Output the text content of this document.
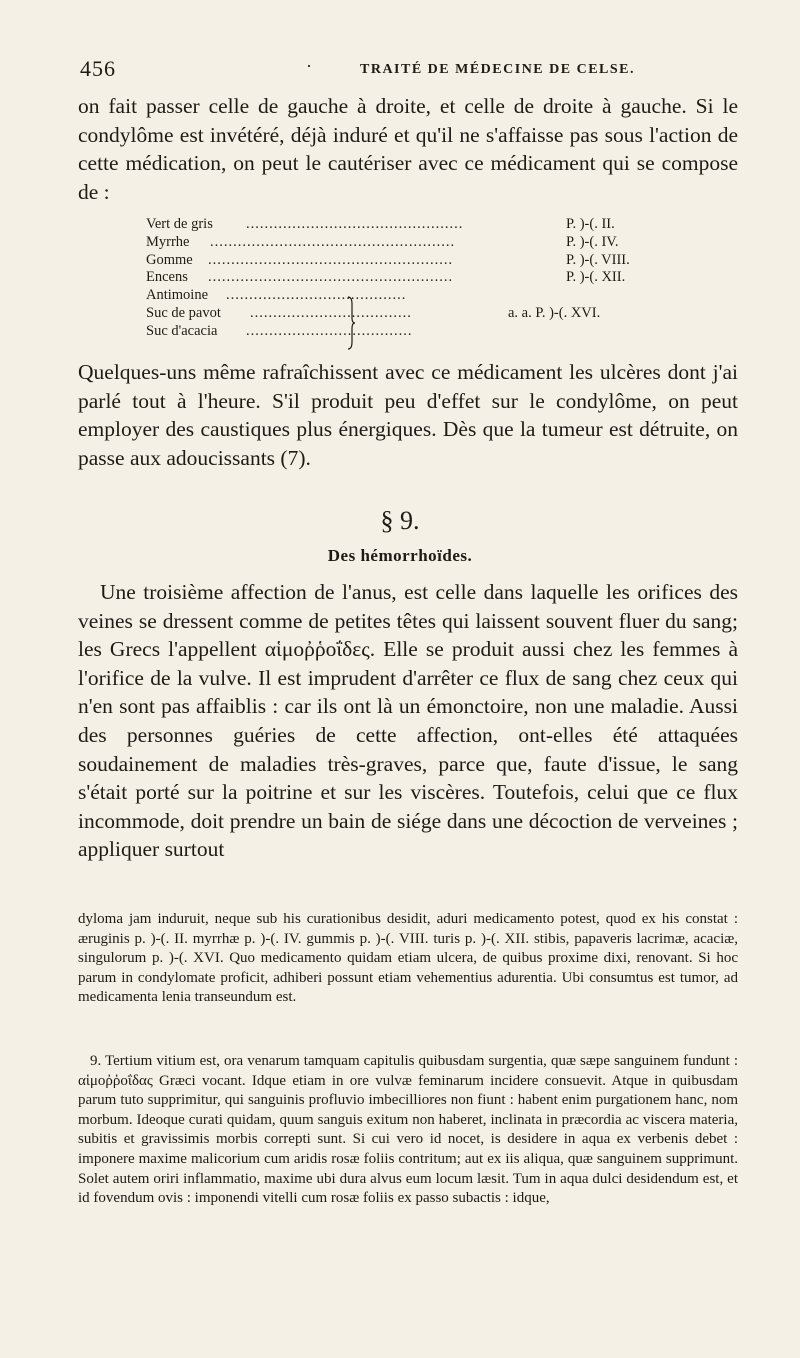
456	·	TRAITÉ DE MÉDECINE DE CELSE.

on fait passer celle de gauche à droite, et celle de droite à gauche. Si le condylôme est invétéré, déjà induré et qu'il ne s'affaisse pas sous l'action de cette médication, on peut le cautériser avec ce médicament qui se compose de :

Vert de gris ...............................................	P. )-(. II.
Myrrhe .....................................................	P. )-(. IV.
Gomme .....................................................	P. )-(. VIII.
Encens .....................................................	P. )-(. XII.
Antimoine .......................................
Suc de pavot ...................................	a. a. P. )-(. XVI.
Suc d'acacia ....................................

Quelques-uns même rafraîchissent avec ce médicament les ulcères dont j'ai parlé tout à l'heure. S'il produit peu d'effet sur le condylôme, on peut employer des caustiques plus énergiques. Dès que la tumeur est détruite, on passe aux adoucissants (7).

§ 9.
Des hémorrhoïdes.

Une troisième affection de l'anus, est celle dans laquelle les orifices des veines se dressent comme de petites têtes qui laissent souvent fluer du sang; les Grecs l'appellent αἱμοῤῥοΐδες. Elle se produit aussi chez les femmes à l'orifice de la vulve. Il est imprudent d'arrêter ce flux de sang chez ceux qui n'en sont pas affaiblis : car ils ont là un émonctoire, non une maladie. Aussi des personnes guéries de cette affection, ont-elles été attaquées soudainement de maladies très-graves, parce que, faute d'issue, le sang s'était porté sur la poitrine et sur les viscères. Toutefois, celui que ce flux incommode, doit prendre un bain de siége dans une décoction de verveines ; appliquer surtout

dyloma jam induruit, neque sub his curationibus desidit, aduri medicamento potest, quod ex his constat : æruginis p. )-(. II. myrrhæ p. )-(. IV. gummis p. )-(. VIII. turis p. )-(. XII. stibis, papaveris lacrimæ, acaciæ, singulorum p. )-(. XVI. Quo medicamento quidam etiam ulcera, de quibus proxime dixi, renovant. Si hoc parum in condylomate proficit, adhiberi possunt etiam vehementius adurentia. Ubi consumtus est tumor, ad medicamenta lenia transeundum est.

9. Tertium vitium est, ora venarum tamquam capitulis quibusdam surgentia, quæ sæpe sanguinem fundunt : αἱμοῤῥοΐδας Græci vocant. Idque etiam in ore vulvæ feminarum incidere consuevit. Atque in quibusdam parum tuto supprimitur, qui sanguinis profluvio imbecilliores non fiunt : habent enim purgationem hanc, nom morbum. Ideoque curati quidam, quum sanguis exitum non haberet, inclinata in præcordia ac viscera materia, subitis et gravissimis morbis correpti sunt. Si cui vero id nocet, is desidere in aqua ex verbenis debet : imponere maxime malicorium cum aridis rosæ foliis contritum; aut ex iis aliqua, quæ sanguinem supprimunt. Solet autem oriri inflammatio, maxime ubi dura alvus eum locum læsit. Tum in aqua dulci desidendum est, et id fovendum ovis : imponendi vitelli cum rosæ foliis ex passo subactis : idque,
